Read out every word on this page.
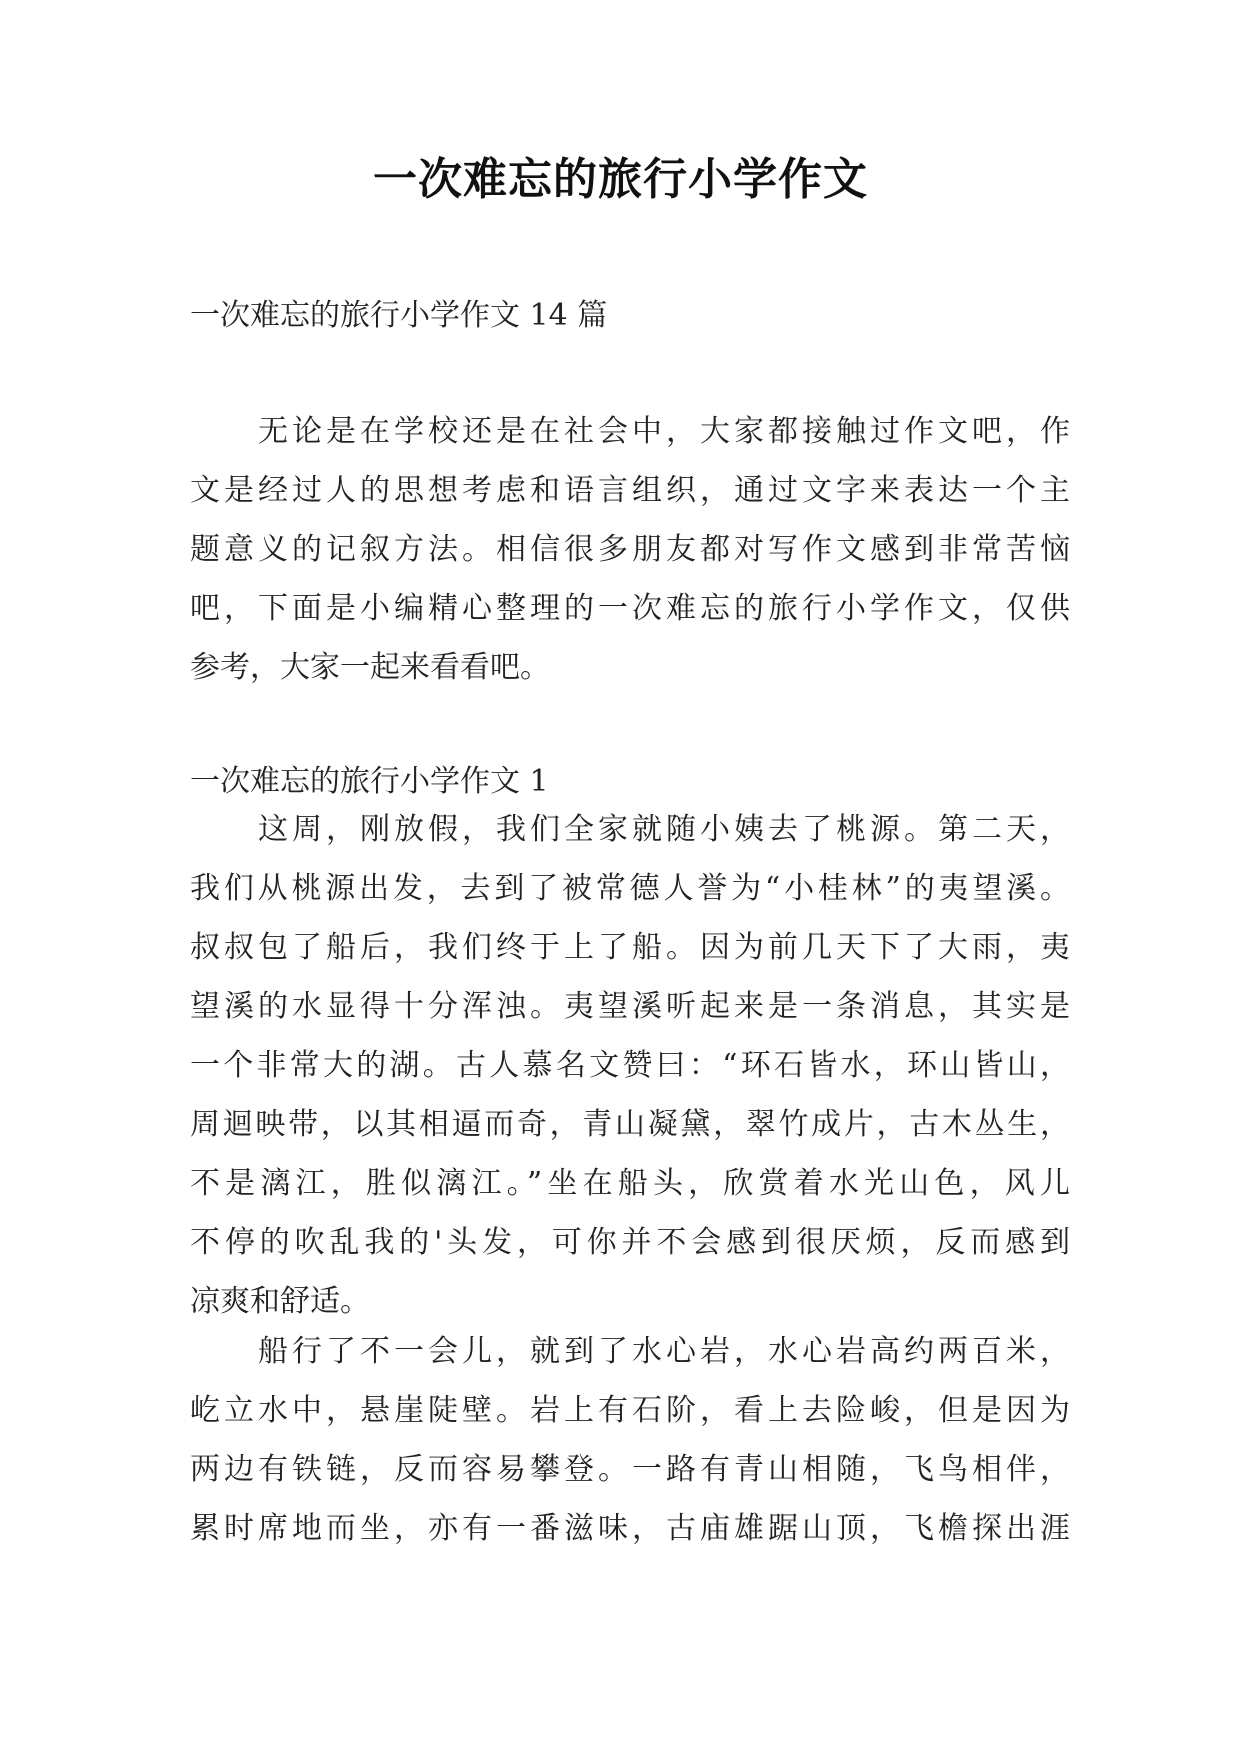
一次难忘的旅行小学作文
一次难忘的旅行小学作文 14 篇
无论是在学校还是在社会中，大家都接触过作文吧，作
文是经过人的思想考虑和语言组织，通过文字来表达一个主
题意义的记叙方法。相信很多朋友都对写作文感到非常苦恼
吧，下面是小编精心整理的一次难忘的旅行小学作文，仅供
参考，大家一起来看看吧。
一次难忘的旅行小学作文 1
这周，刚放假，我们全家就随小姨去了桃源。第二天，
我们从桃源出发，去到了被常德人誉为“小桂林”的夷望溪。
叔叔包了船后，我们终于上了船。因为前几天下了大雨，夷
望溪的水显得十分浑浊。夷望溪听起来是一条消息，其实是
一个非常大的湖。古人慕名文赞曰：“环石皆水，环山皆山，
周迴映带，以其相逼而奇，青山凝黛，翠竹成片，古木丛生，
不是漓江，胜似漓江。”坐在船头，欣赏着水光山色，风儿
不停的吹乱我的'头发，可你并不会感到很厌烦，反而感到
凉爽和舒适。
船行了不一会儿，就到了水心岩，水心岩高约两百米，
屹立水中，悬崖陡壁。岩上有石阶，看上去险峻，但是因为
两边有铁链，反而容易攀登。一路有青山相随，飞鸟相伴，
累时席地而坐，亦有一番滋味，古庙雄踞山顶，飞檐探出涯
